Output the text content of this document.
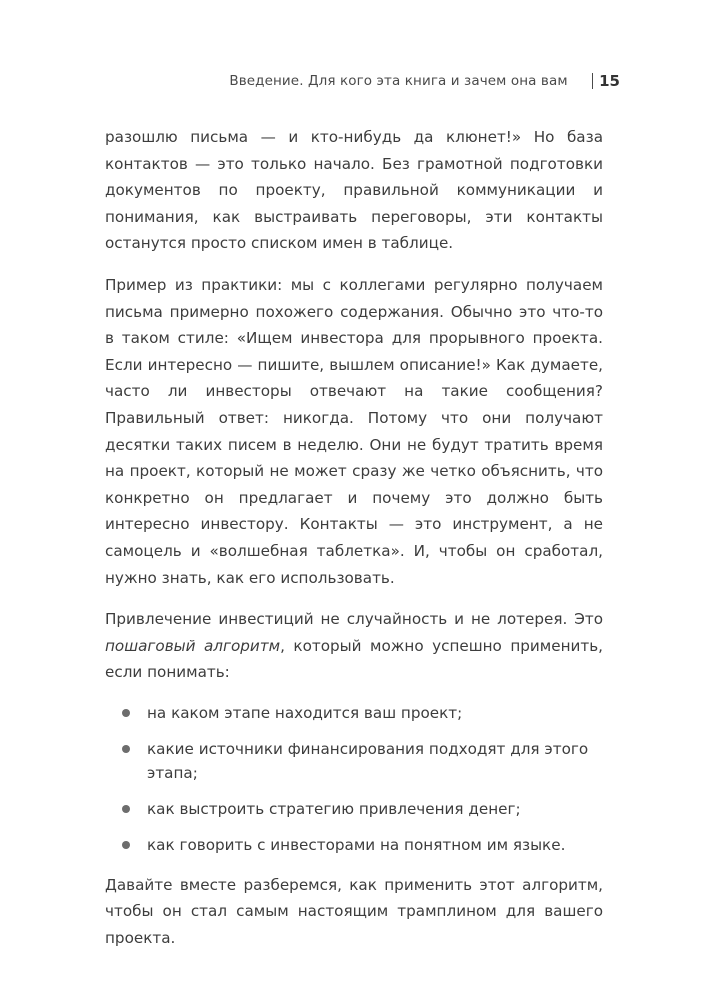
Введение. Для кого эта книга и зачем она вам 15

разошлю письма — и кто-нибудь да клюнет!» Но база контактов — это только начало. Без грамотной подготовки документов по проекту, правильной коммуникации и понимания, как выстраивать переговоры, эти контакты останутся просто списком имен в таблице.

Пример из практики: мы с коллегами регулярно получаем письма примерно похожего содержания. Обычно это что-то в таком стиле: «Ищем инвестора для прорывного проекта. Если интересно — пишите, вышлем описание!» Как думаете, часто ли инвесторы отвечают на такие сообщения? Правильный ответ: никогда. Потому что они получают десятки таких писем в неделю. Они не будут тратить время на проект, который не может сразу же четко объяснить, что конкретно он предлагает и почему это должно быть интересно инвестору. Контакты — это инструмент, а не самоцель и «волшебная таблетка». И, чтобы он сработал, нужно знать, как его использовать.

Привлечение инвестиций не случайность и не лотерея. Это пошаговый алгоритм, который можно успешно применить, если понимать:

на каком этапе находится ваш проект;
какие источники финансирования подходят для этого этапа;
как выстроить стратегию привлечения денег;
как говорить с инвесторами на понятном им языке.

Давайте вместе разберемся, как применить этот алгоритм, чтобы он стал самым настоящим трамплином для вашего проекта.
